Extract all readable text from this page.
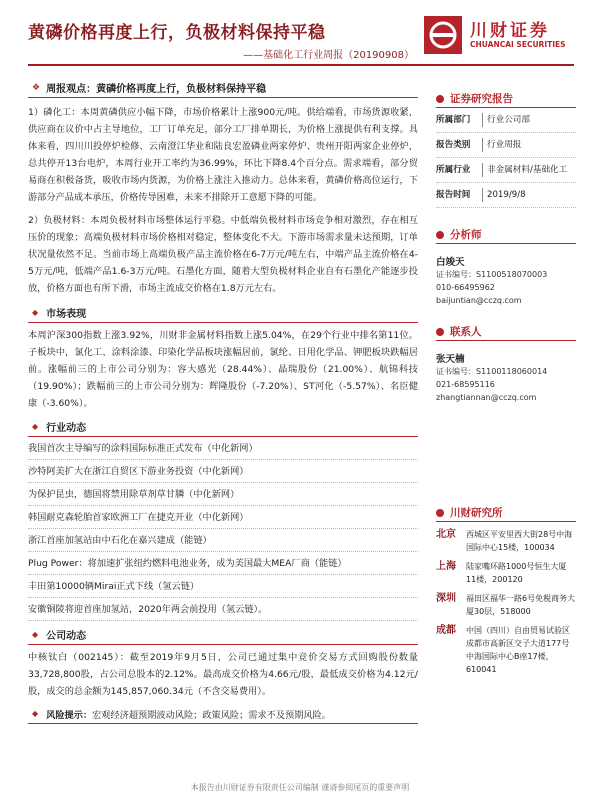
黄磷价格再度上行，负极材料保持平稳
——基础化工行业周报（20190908）
川财证券
CHUANCAI SECURITIES
❖ 周报观点：黄磷价格再度上行，负极材料保持平稳
1）磷化工：本周黄磷供应小幅下降，市场价格累计上涨900元/吨。供给端看，市场货源收紧，供应商在议价中占主导地位，工厂订单充足，部分工厂排单期长，为价格上涨提供有利支撑。具体来看，四川川投停炉检修、云南澄江华业和陆良宏盈磷业两家停炉、贵州开阳两家企业停炉，总共停开13台电炉，本周行业开工率约为36.99%，环比下降8.4个百分点。需求端看，部分贸易商在积极备货，吸收市场内货源，为价格上涨注入推动力。总体来看，黄磷价格高位运行，下游部分产品成本承压，价格传导困难，未来不排除开工意愿下降的可能。
2）负极材料：本周负极材料市场整体运行平稳。中低端负极材料市场竞争相对激烈，存在相互压价的现象；高端负极材料市场价格相对稳定，整体变化不大。下游市场需求量未达预期，订单状况量依然不足。当前市场上高端负极产品主流价格在6-7万元/吨左右，中端产品主流价格在4-5万元/吨，低端产品1.6-3万元/吨。石墨化方面，随着大型负极材料企业自有石墨化产能逐步投放，价格方面也有所下滑，市场主流成交价格在1.8万元左右。
◆ 市场表现
本周沪深300指数上涨3.92%，川财非金属材料指数上涨5.04%，在29个行业中排名第11位。子板块中，氯化工、涂料涂漆、印染化学品板块涨幅居前，氯纶、日用化学品、钾肥板块跌幅居前。涨幅前三的上市公司分别为：容大感光（28.44%）、晶瑞股份（21.00%）、航锦科技（19.90%）；跌幅前三的上市公司分别为：辉隆股份（-7.20%）、ST河化（-5.57%）、名臣健康（-3.60%）。
◆ 行业动态
我国首次主导编写的涂料国际标准正式发布（中化新网）
沙特阿美扩大在浙江自贸区下游业务投资（中化新网）
为保护昆虫，德国将禁用除草剂草甘膦（中化新网）
韩国耐克森轮胎首家欧洲工厂在捷克开业（中化新网）
浙江首座加氢站由中石化在嘉兴建成（能链）
Plug Power：将加速扩张纽约燃料电池业务，成为美国最大MEA厂商（能链）
丰田第10000辆Mirai正式下线（氢云链）
安徽铜陵将迎首座加氢站，2020年两会前投用（氢云链）。
◆ 公司动态
中核钛白（002145）：截至2019年9月5日，公司已通过集中竞价交易方式回购股份数量33,728,800股，占公司总股本的2.12%。最高成交价格为4.66元/股，最低成交价格为4.12元/股，成交的总金额为145,857,060.34元（不含交易费用）。
◆ 风险提示： 宏观经济超预期波动风险；政策风险；需求不及预期风险。
证券研究报告
所属部门	行业公司部
报告类别	行业周报
所属行业	非金属材料/基础化工
报告时间	2019/9/8
分析师
白竣天
证书编号：S1100518070003
010-66495962
baijuntian@cczq.com
联系人
张天楠
证书编号：S1100118060014
021-68595116
zhangtiannan@cczq.com
川财研究所
北京	西城区平安里西大街28号中海国际中心15楼，100034
上海	陆家嘴环路1000号恒生大厦11楼，200120
深圳	福田区福华一路6号免税商务大厦30层，518000
成都	中国（四川）自由贸易试验区成都市高新区交子大道177号中海国际中心B座17楼，610041
本报告由川财证券有限责任公司编制 谨请参阅尾页的重要声明
